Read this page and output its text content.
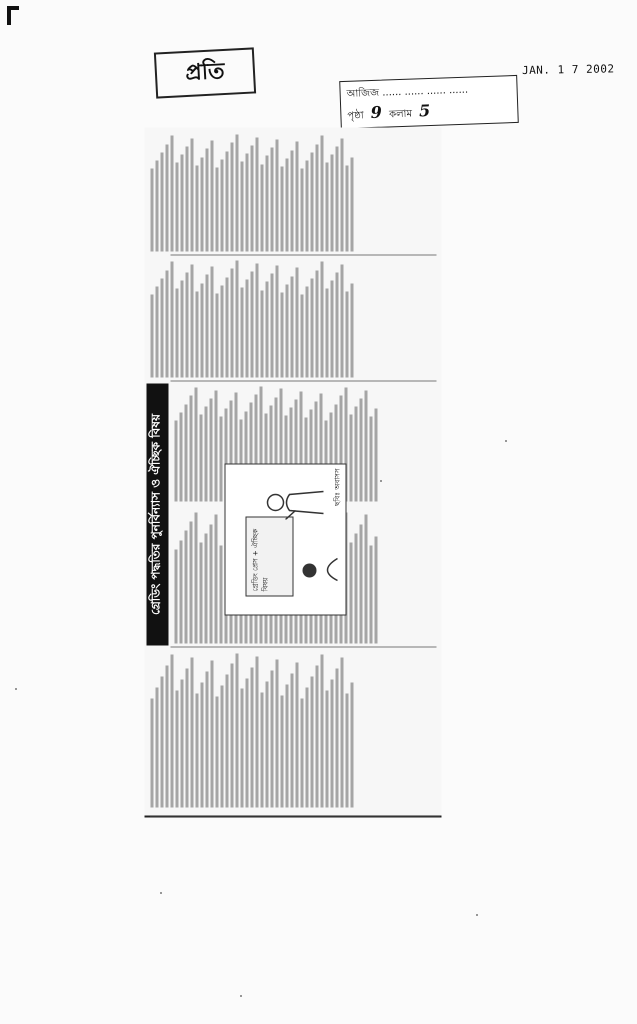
JAN. 1 7 2002
প্রতি
আজিজ ...... ...... ...... ......
পৃষ্ঠা 9 কলাম 5
গ্রেডিং পদ্ধতির পুনর্বিন্যাস ও ঐচ্ছিক বিষয়	গ্রেডিং প্রেস + ঐচ্ছিক বিষয়
ছবিঃ অবাসস
